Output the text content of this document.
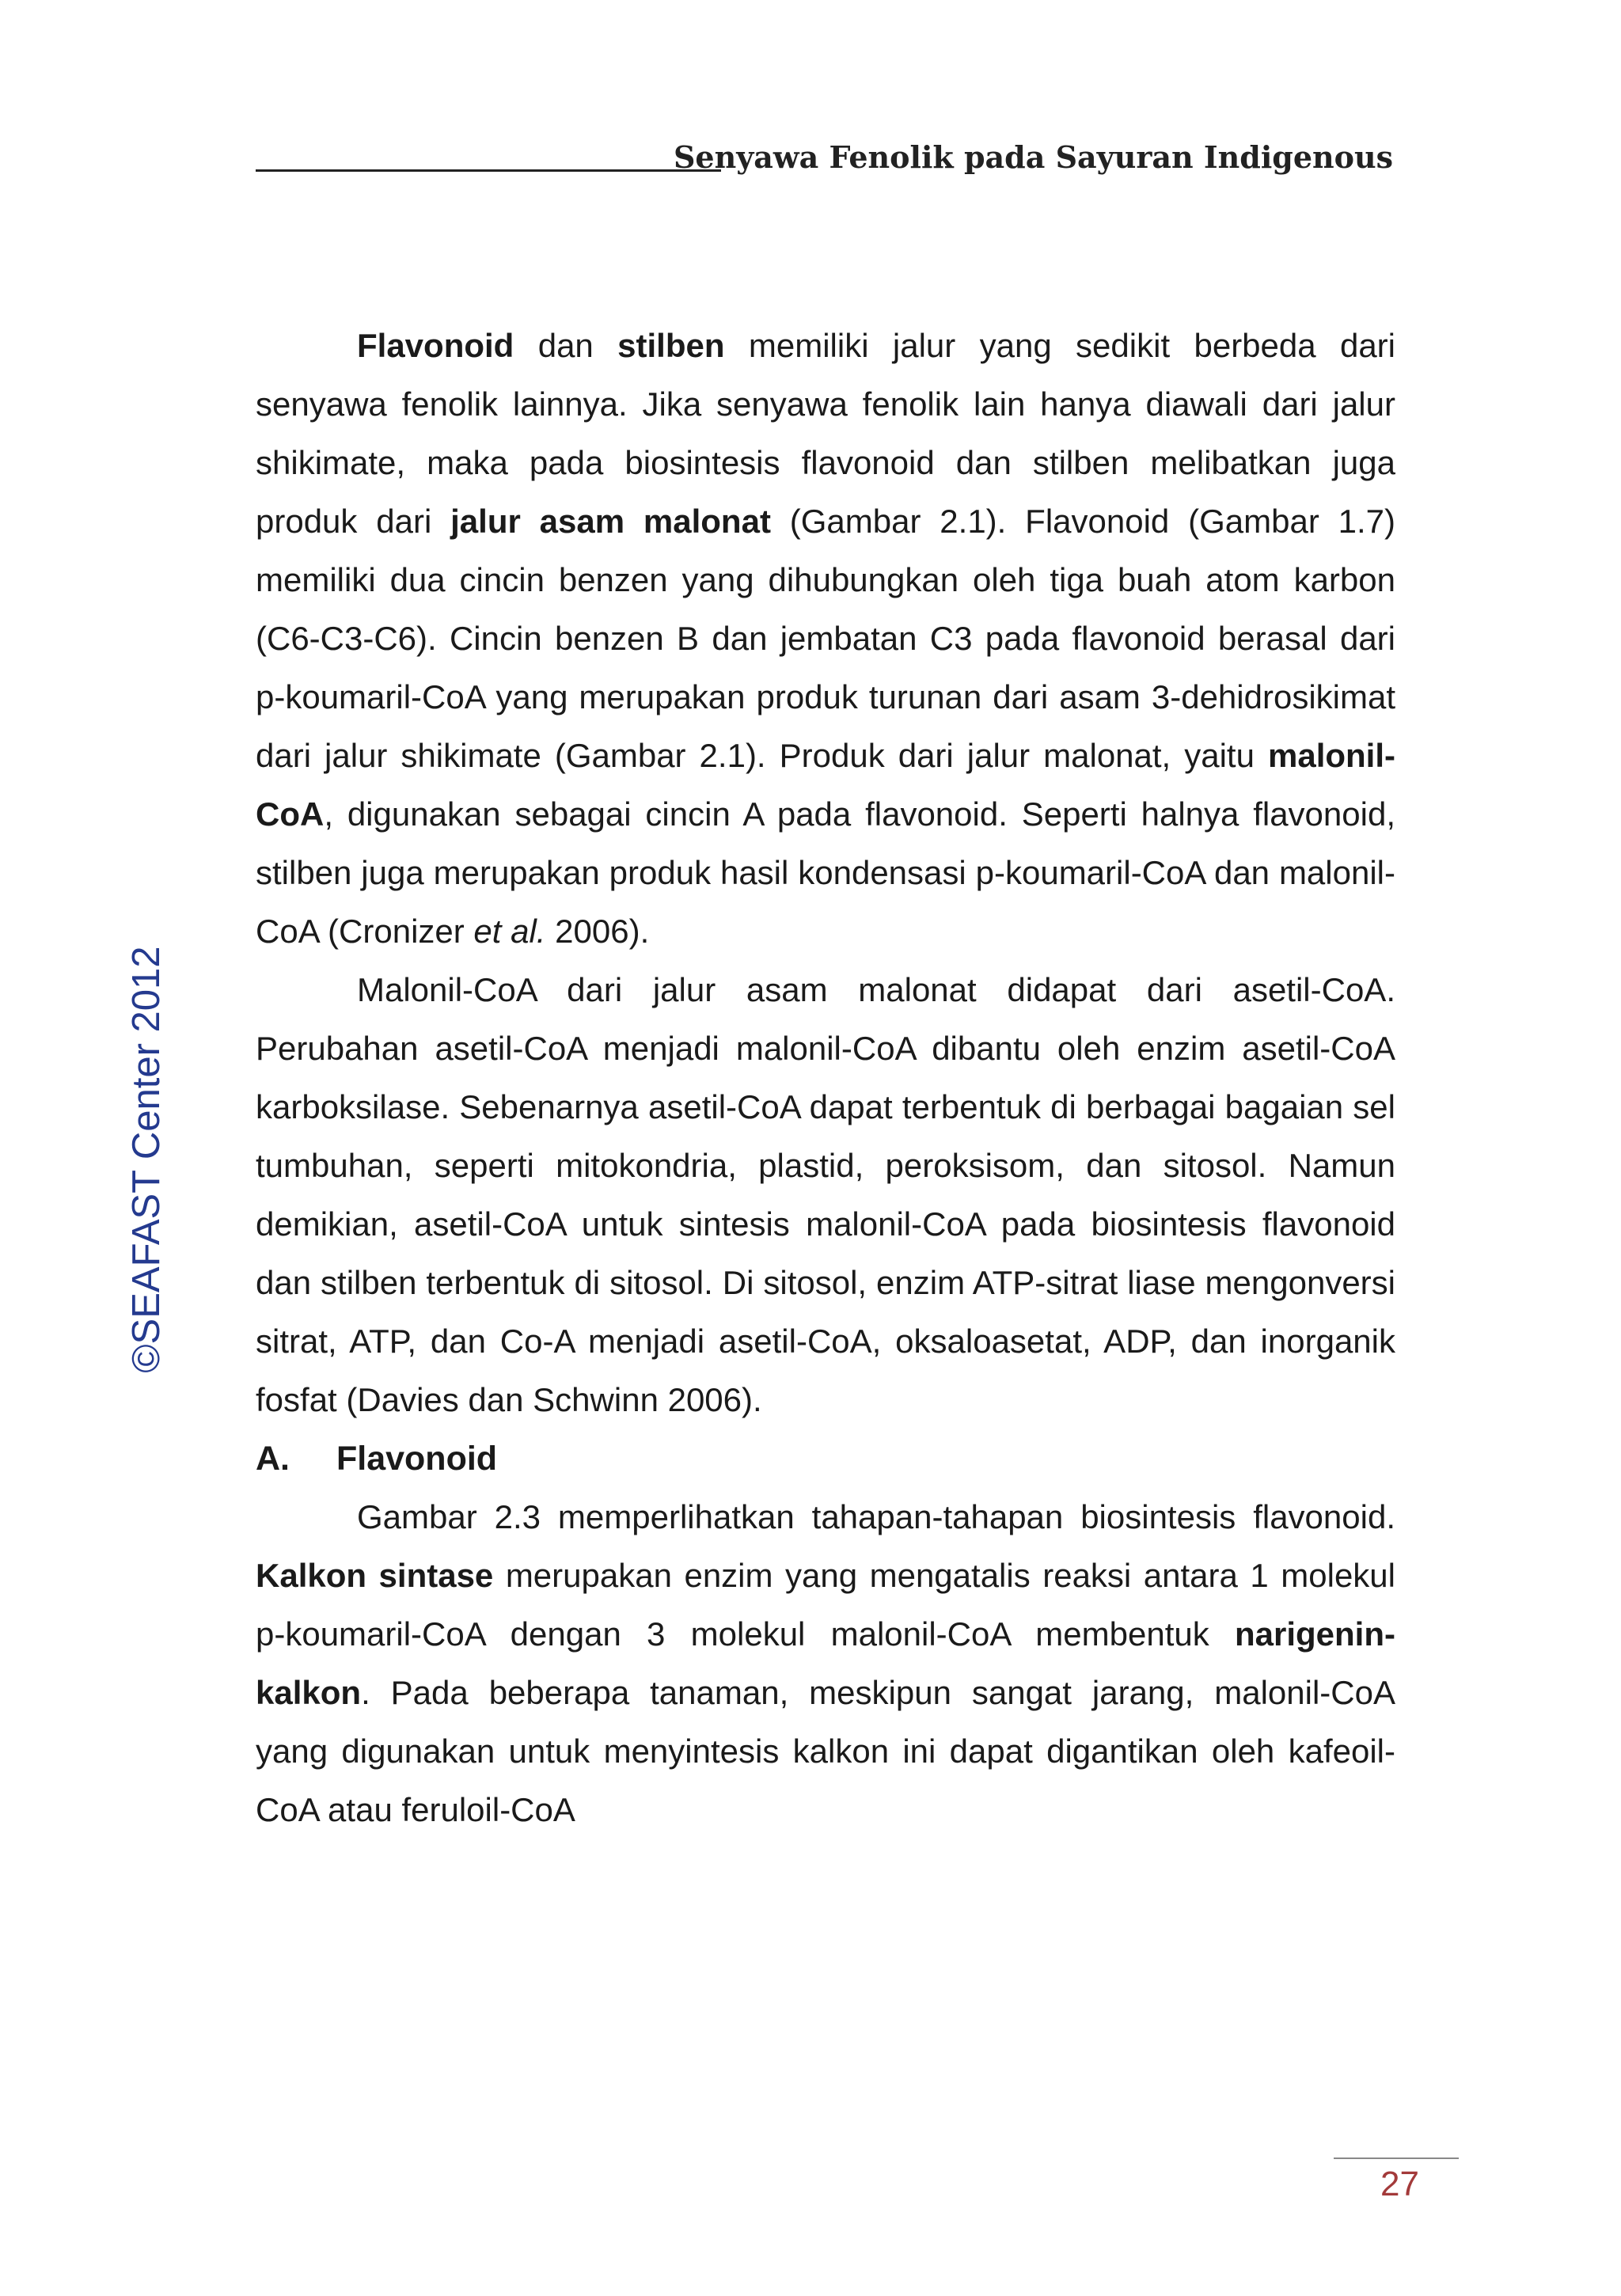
Senyawa Fenolik pada Sayuran Indigenous
©SEAFAST Center 2012

Flavonoid dan stilben memiliki jalur yang sedikit berbeda dari senyawa fenolik lainnya. Jika senyawa fenolik lain hanya diawali dari jalur shikimate, maka pada biosintesis flavonoid dan stilben melibatkan juga produk dari jalur asam malonat (Gambar 2.1). Flavonoid (Gambar 1.7) memiliki dua cincin benzen yang dihubungkan oleh tiga buah atom karbon (C6-C3-C6). Cincin benzen B dan jembatan C3 pada flavonoid berasal dari p-koumaril-CoA yang merupakan produk turunan dari asam 3-dehidrosikimat dari jalur shikimate (Gambar 2.1). Produk dari jalur malonat, yaitu malonil-CoA, digunakan sebagai cincin A pada flavonoid. Seperti halnya flavonoid, stilben juga merupakan produk hasil kondensasi p-koumaril-CoA dan malonil-CoA (Cronizer et al. 2006).

Malonil-CoA dari jalur asam malonat didapat dari asetil-CoA. Perubahan asetil-CoA menjadi malonil-CoA dibantu oleh enzim asetil-CoA karboksilase. Sebenarnya asetil-CoA dapat terbentuk di berbagai bagaian sel tumbuhan, seperti mitokondria, plastid, peroksisom, dan sitosol. Namun demikian, asetil-CoA untuk sintesis malonil-CoA pada biosintesis flavonoid dan stilben terbentuk di sitosol. Di sitosol, enzim ATP-sitrat liase mengonversi sitrat, ATP, dan Co-A menjadi asetil-CoA, oksaloasetat, ADP, dan inorganik fosfat (Davies dan Schwinn 2006).

A. Flavonoid

Gambar 2.3 memperlihatkan tahapan-tahapan biosintesis flavonoid. Kalkon sintase merupakan enzim yang mengatalis reaksi antara 1 molekul p-koumaril-CoA dengan 3 molekul malonil-CoA membentuk narigenin-kalkon. Pada beberapa tanaman, meskipun sangat jarang, malonil-CoA yang digunakan untuk menyintesis kalkon ini dapat digantikan oleh kafeoil-CoA atau feruloil-CoA

27
